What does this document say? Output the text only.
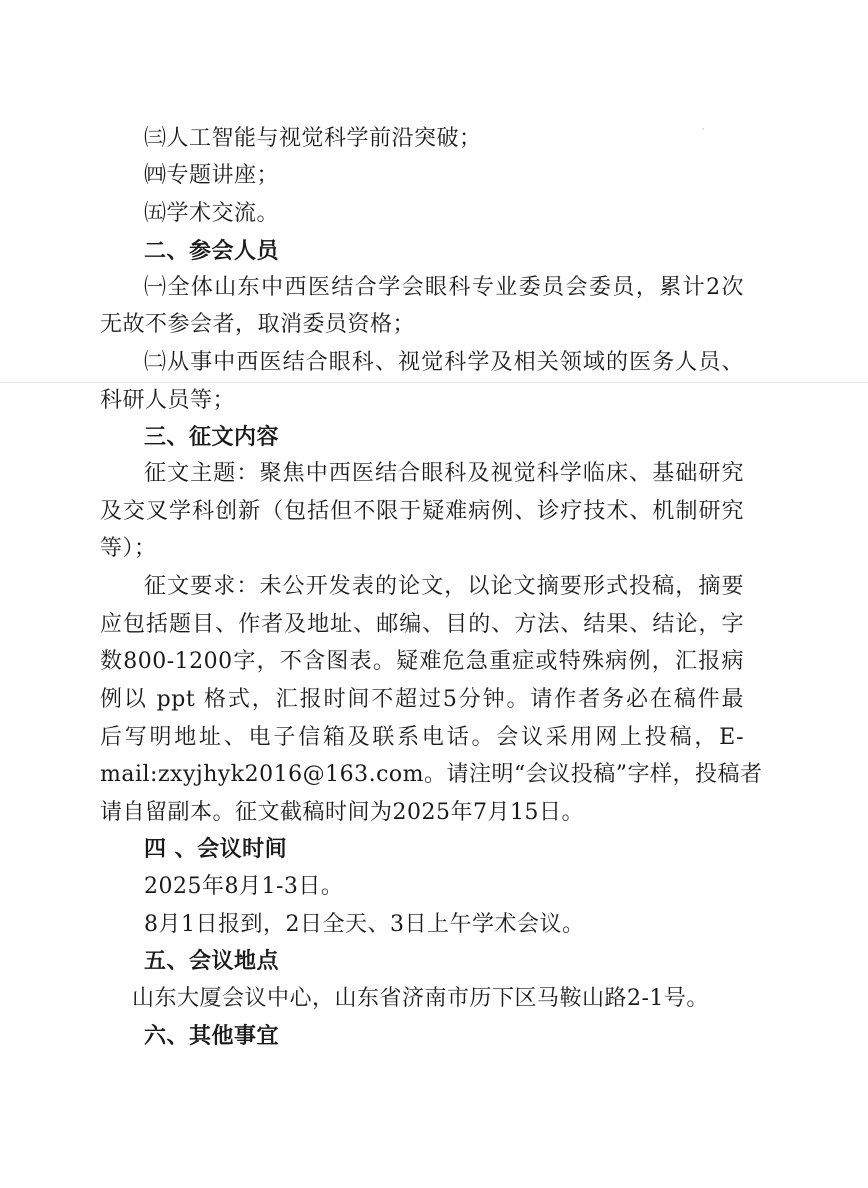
㈢人工智能与视觉科学前沿突破；
㈣专题讲座；
㈤学术交流。
二、参会人员
㈠全体山东中西医结合学会眼科专业委员会委员，累计2次
无故不参会者，取消委员资格；
㈡从事中西医结合眼科、视觉科学及相关领域的医务人员、
科研人员等；
三、征文内容
征文主题：聚焦中西医结合眼科及视觉科学临床、基础研究
及交叉学科创新（包括但不限于疑难病例、诊疗技术、机制研究
等）；
征文要求：未公开发表的论文，以论文摘要形式投稿，摘要
应包括题目、作者及地址、邮编、目的、方法、结果、结论，字
数800-1200字，不含图表。疑难危急重症或特殊病例，汇报病
例以 ppt 格式，汇报时间不超过5分钟。请作者务必在稿件最
后写明地址、电子信箱及联系电话。会议采用网上投稿，E-
mail:zxyjhyk2016@163.com。请注明“会议投稿”字样，投稿者
请自留副本。征文截稿时间为2025年7月15日。
四 、会议时间
2025年8月1-3日。
8月1日报到，2日全天、3日上午学术会议。
五、会议地点
山东大厦会议中心，山东省济南市历下区马鞍山路2-1号。
六、其他事宜
